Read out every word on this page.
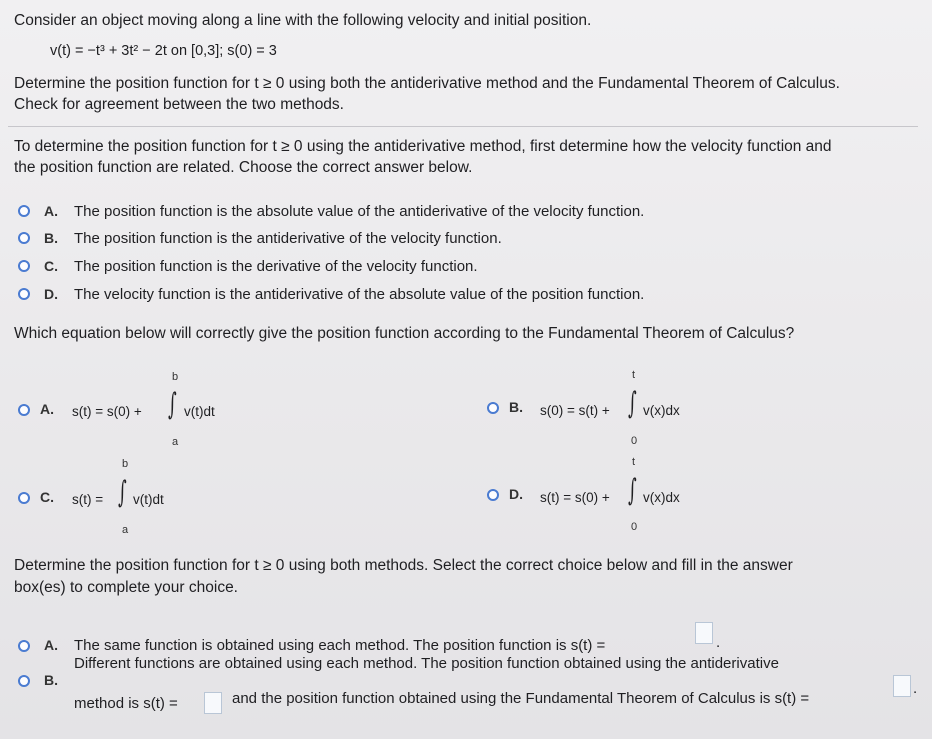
Consider an object moving along a line with the following velocity and initial position.
v(t) = −t³ + 3t² − 2t on [0,3]; s(0) = 3
Determine the position function for t ≥ 0 using both the antiderivative method and the Fundamental Theorem of Calculus.
Check for agreement between the two methods.
To determine the position function for t ≥ 0 using the antiderivative method, first determine how the velocity function and
the position function are related. Choose the correct answer below.
A. The position function is the absolute value of the antiderivative of the velocity function.
B. The position function is the antiderivative of the velocity function.
C. The position function is the derivative of the velocity function.
D. The velocity function is the antiderivative of the absolute value of the position function.
Which equation below will correctly give the position function according to the Fundamental Theorem of Calculus?
A. s(t) = s(0) +
b
∫
a
v(t)dt	B. s(0) = s(t) +
t
∫
0
v(x)dx
C. s(t) =
b
∫
a
v(t)dt	D. s(t) = s(0) +
t
∫
0
v(x)dx
Determine the position function for t ≥ 0 using both methods. Select the correct choice below and fill in the answer
box(es) to complete your choice.
A. The same function is obtained using each method. The position function is s(t) =	.
B.
Different functions are obtained using each method. The position function obtained using the antiderivative
method is s(t) =	and the position function obtained using the Fundamental Theorem of Calculus is s(t) =
.
